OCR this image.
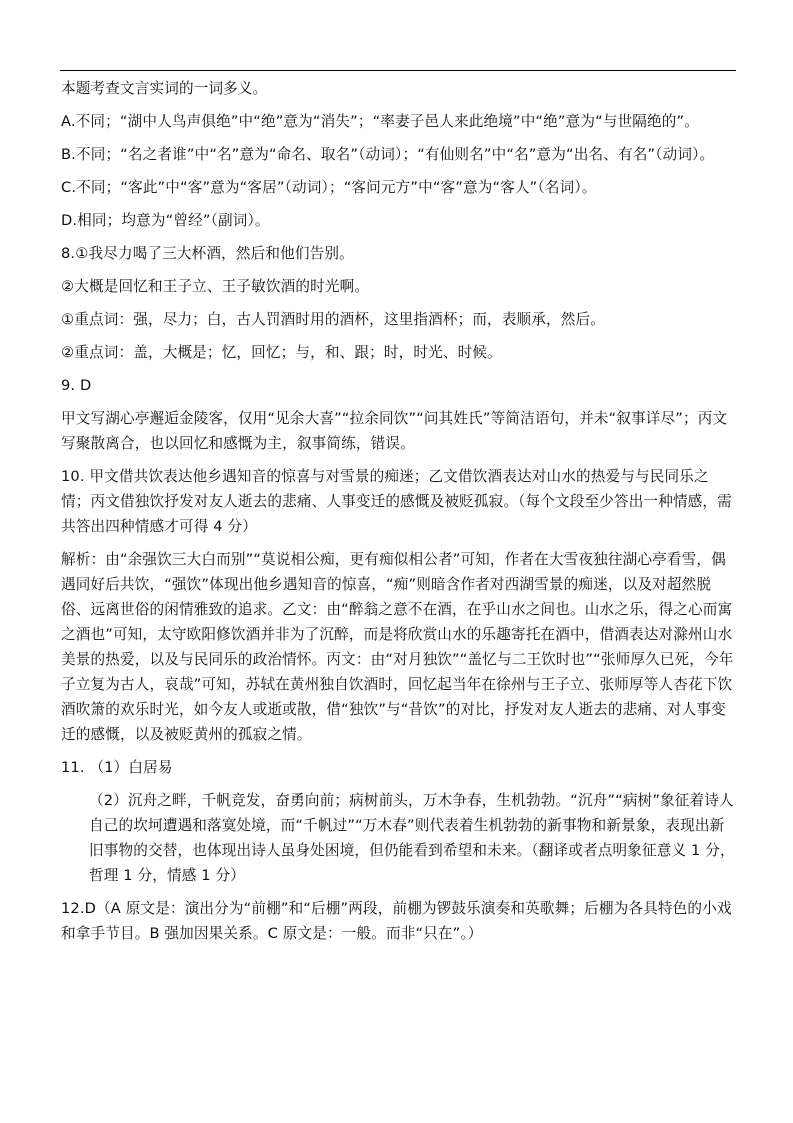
本题考查文言实词的一词多义。

A.不同；“湖中人鸟声俱绝”中“绝”意为“消失”；“率妻子邑人来此绝境”中“绝”意为“与世隔绝的”。

B.不同；“名之者谁”中“名”意为“命名、取名”（动词）；“有仙则名”中“名”意为“出名、有名”（动词）。

C.不同；“客此”中“客”意为“客居”（动词）；“客问元方”中“客”意为“客人”（名词）。

D.相同；均意为“曾经”（副词）。

8.①我尽力喝了三大杯酒，然后和他们告别。

②大概是回忆和王子立、王子敏饮酒的时光啊。

①重点词：强，尽力；白，古人罚酒时用的酒杯，这里指酒杯；而，表顺承，然后。

②重点词：盖，大概是；忆，回忆；与，和、跟；时，时光、时候。

9. D

甲文写湖心亭邂逅金陵客，仅用“见余大喜”“拉余同饮”“问其姓氏”等简洁语句，并未“叙事详尽”；丙文写聚散离合，也以回忆和感慨为主，叙事简练，错误。

10. 甲文借共饮表达他乡遇知音的惊喜与对雪景的痴迷；乙文借饮酒表达对山水的热爱与与民同乐之情；丙文借独饮抒发对友人逝去的悲痛、人事变迁的感慨及被贬孤寂。（每个文段至少答出一种情感，需共答出四种情感才可得 4 分）

解析：由“余强饮三大白而别”“莫说相公痴，更有痴似相公者”可知，作者在大雪夜独往湖心亭看雪，偶遇同好后共饮，“强饮”体现出他乡遇知音的惊喜，“痴”则暗含作者对西湖雪景的痴迷，以及对超然脱俗、远离世俗的闲情雅致的追求。乙文：由“醉翁之意不在酒，在乎山水之间也。山水之乐，得之心而寓之酒也”可知，太守欧阳修饮酒并非为了沉醉，而是将欣赏山水的乐趣寄托在酒中，借酒表达对滁州山水美景的热爱，以及与民同乐的政治情怀。丙文：由“对月独饮”“盖忆与二王饮时也”“张师厚久已死，今年子立复为古人，哀哉”可知，苏轼在黄州独自饮酒时，回忆起当年在徐州与王子立、张师厚等人杏花下饮酒吹箫的欢乐时光，如今友人或逝或散，借“独饮”与“昔饮”的对比，抒发对友人逝去的悲痛、对人事变迁的感慨，以及被贬黄州的孤寂之情。

11. （1）白居易

（2）沉舟之畔，千帆竞发，奋勇向前；病树前头，万木争春，生机勃勃。“沉舟”“病树”象征着诗人自己的坎坷遭遇和落寞处境，而“千帆过”“万木春”则代表着生机勃勃的新事物和新景象，表现出新旧事物的交替，也体现出诗人虽身处困境，但仍能看到希望和未来。（翻译或者点明象征意义 1 分，哲理 1 分，情感 1 分）

12.D（A 原文是：演出分为“前棚”和“后棚”两段，前棚为锣鼓乐演奏和英歌舞；后棚为各具特色的小戏和拿手节目。B 强加因果关系。C 原文是：一般。而非“只在”。）
